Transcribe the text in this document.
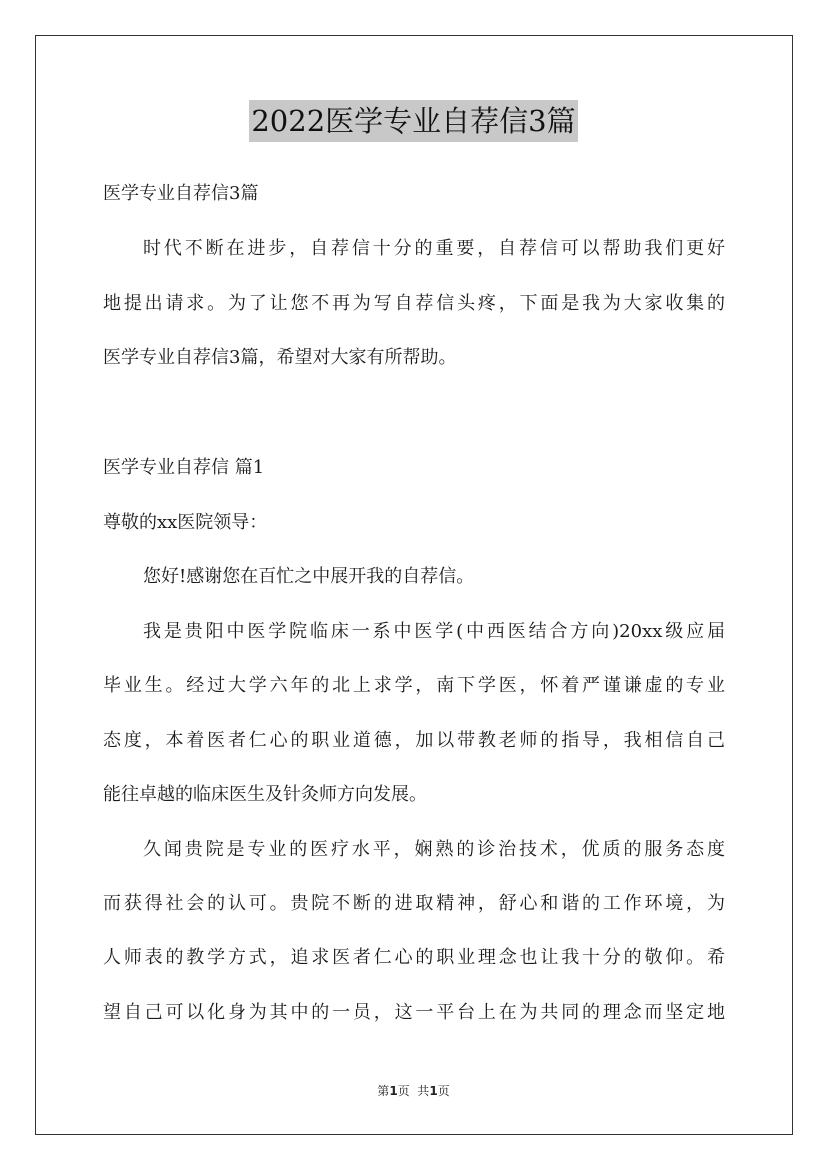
2022医学专业自荐信3篇
医学专业自荐信3篇
时代不断在进步，自荐信十分的重要，自荐信可以帮助我们更好
地提出请求。为了让您不再为写自荐信头疼，下面是我为大家收集的
医学专业自荐信3篇，希望对大家有所帮助。
医学专业自荐信 篇1
尊敬的xx医院领导：
您好!感谢您在百忙之中展开我的自荐信。
我是贵阳中医学院临床一系中医学(中西医结合方向)20xx级应届
毕业生。经过大学六年的北上求学，南下学医，怀着严谨谦虚的专业
态度，本着医者仁心的职业道德，加以带教老师的指导，我相信自己
能往卓越的临床医生及针灸师方向发展。
久闻贵院是专业的医疗水平，娴熟的诊治技术，优质的服务态度
而获得社会的认可。贵院不断的进取精神，舒心和谐的工作环境，为
人师表的教学方式，追求医者仁心的职业理念也让我十分的敬仰。希
望自己可以化身为其中的一员，这一平台上在为共同的理念而坚定地
第1页  共1页
